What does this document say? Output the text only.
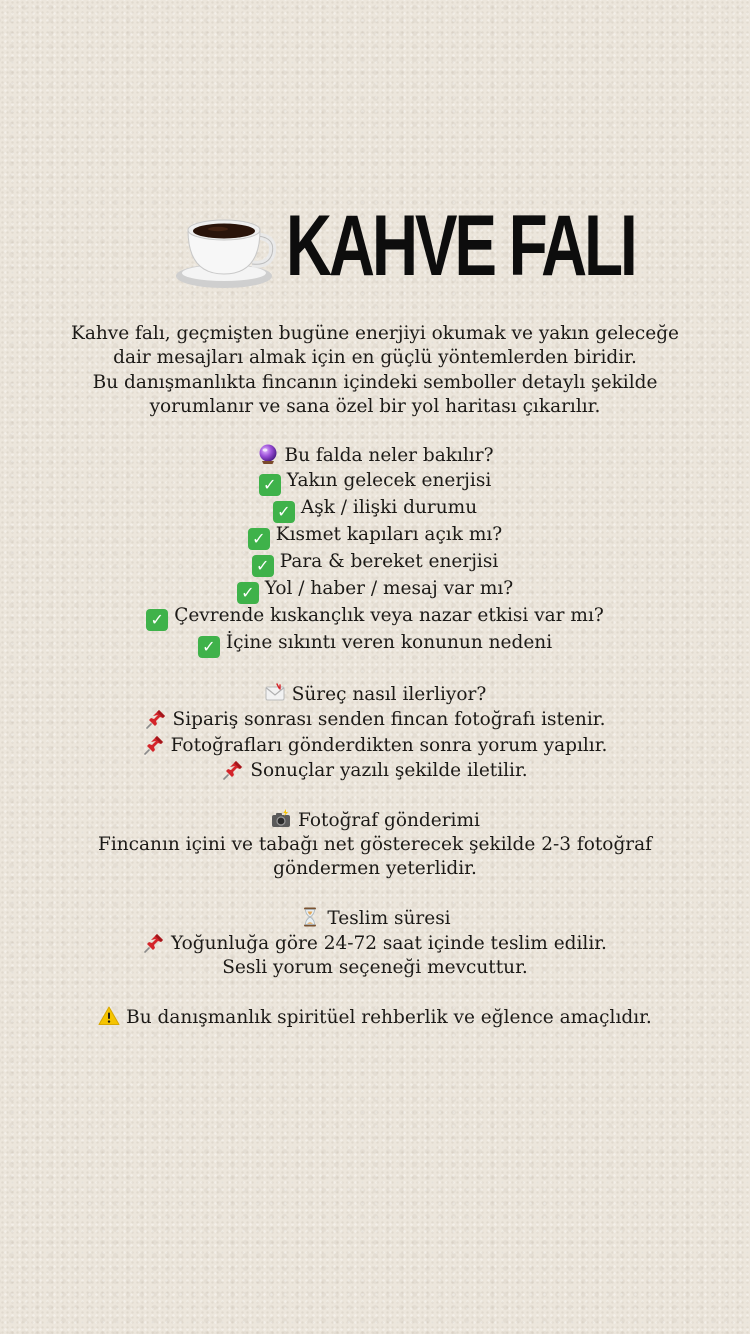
KAHVE FALI
Kahve falı, geçmişten bugüne enerjiyi okumak ve yakın geleceğe
dair mesajları almak için en güçlü yöntemlerden biridir.
Bu danışmanlıkta fincanın içindeki semboller detaylı şekilde
yorumlanır ve sana özel bir yol haritası çıkarılır.
Bu falda neler bakılır?
✓ Yakın gelecek enerjisi
✓ Aşk / ilişki durumu
✓ Kısmet kapıları açık mı?
✓ Para & bereket enerjisi
✓ Yol / haber / mesaj var mı?
✓ Çevrende kıskançlık veya nazar etkisi var mı?
✓ İçine sıkıntı veren konunun nedeni
Süreç nasıl ilerliyor?
Sipariş sonrası senden fincan fotoğrafı istenir.
Fotoğrafları gönderdikten sonra yorum yapılır.
Sonuçlar yazılı şekilde iletilir.
Fotoğraf gönderimi
Fincanın içini ve tabağı net gösterecek şekilde 2-3 fotoğraf
göndermen yeterlidir.
Teslim süresi
Yoğunluğa göre 24-72 saat içinde teslim edilir.
Sesli yorum seçeneği mevcuttur.
Bu danışmanlık spiritüel rehberlik ve eğlence amaçlıdır.
